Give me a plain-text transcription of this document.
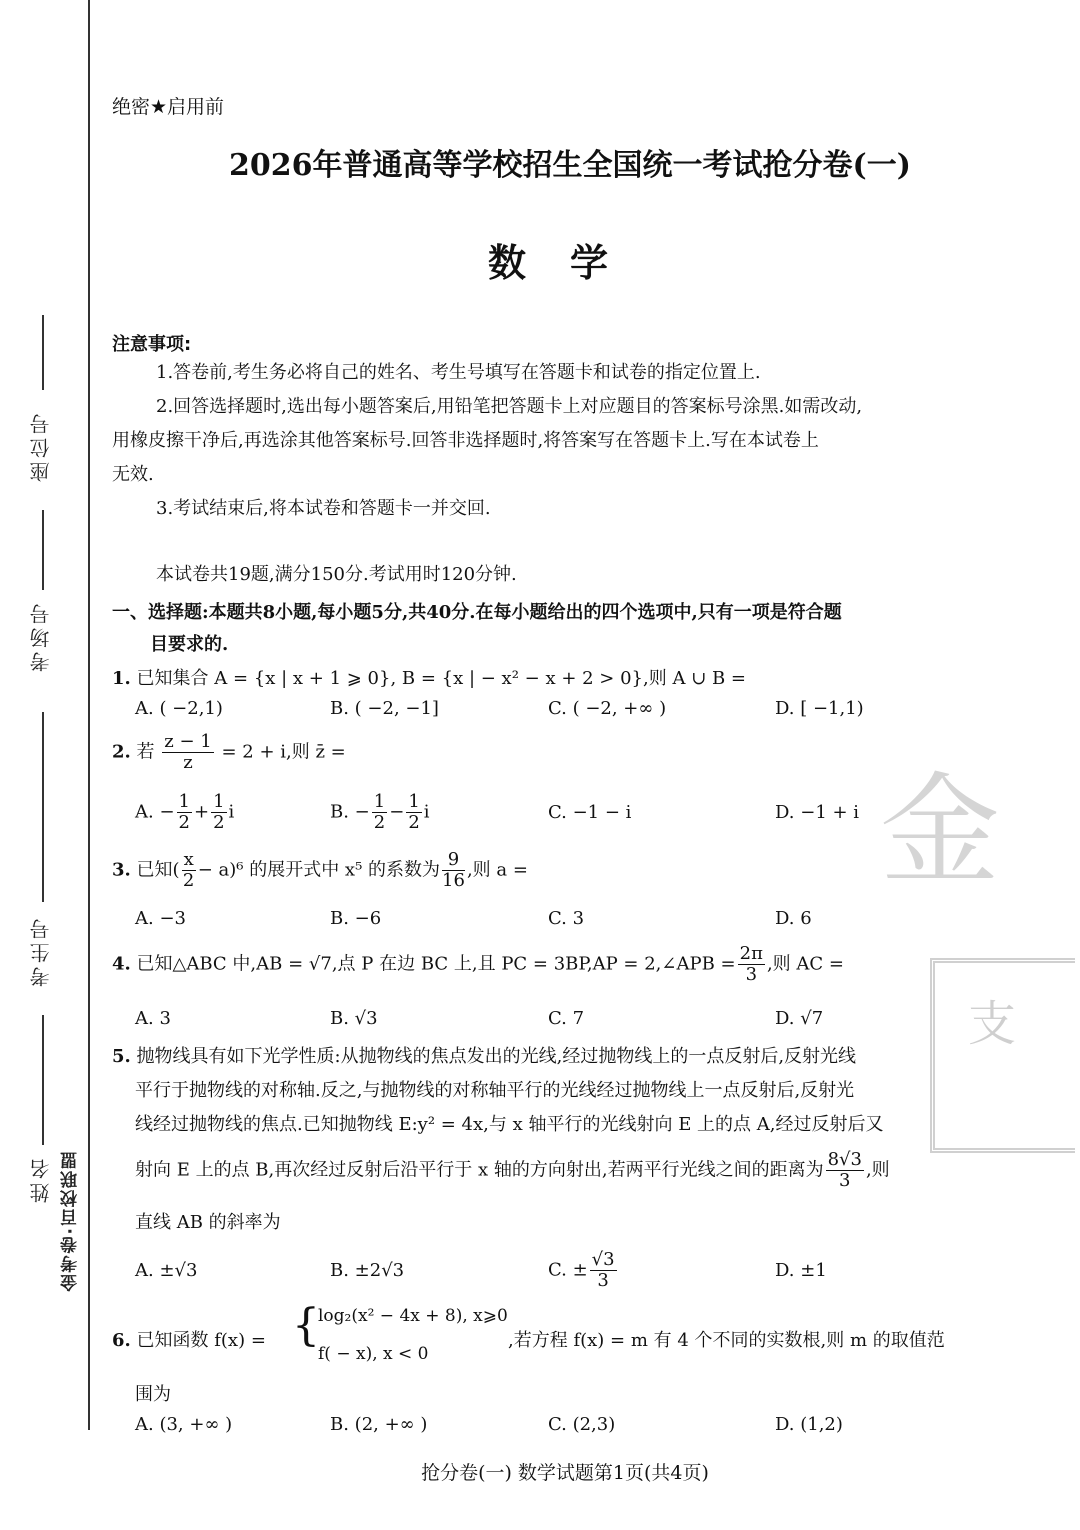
座位号
考场号
考生号
姓名 金考卷·百校联盟
金
支
绝密★启用前
2026年普通高等学校招生全国统一考试抢分卷(一)
数学
注意事项:
1.答卷前,考生务必将自己的姓名、考生号填写在答题卡和试卷的指定位置上.
2.回答选择题时,选出每小题答案后,用铅笔把答题卡上对应题目的答案标号涂黑.如需改动,
用橡皮擦干净后,再选涂其他答案标号.回答非选择题时,将答案写在答题卡上.写在本试卷上
无效.
3.考试结束后,将本试卷和答题卡一并交回.
本试卷共19题,满分150分.考试用时120分钟.
一、选择题:本题共8小题,每小题5分,共40分.在每小题给出的四个选项中,只有一项是符合题
目要求的.
1. 已知集合 A = {x | x + 1 ⩾ 0}, B = {x | − x² − x + 2 > 0},则 A ∪ B =
A. ( −2,1)	B. ( −2, −1]	C. ( −2, +∞ )	D. [ −1,1)
2. 若 $\frac{z - 1}{z} = 2 + i$,则 z̄ =
A. − $\frac{1}{2} + \frac{1}{2}$ i	B. − $\frac{1}{2} - \frac{1}{2}$ i	C. −1 − i	D. −1 + i
3. 已知( $\frac{x}{2} - a)^6$ 的展开式中 x⁵ 的系数为 $\frac{9}{16}$ ,则 a =
A. −3	B. −6	C. 3	D. 6
4. 已知△ABC 中,AB = √7,点 P 在边 BC 上,且 PC = 3BP,AP = 2,∠APB = $\frac{2\pi}{3}$ ,则 AC =
A. 3	B. √3	C. 7	D. √7
5. 抛物线具有如下光学性质:从抛物线的焦点发出的光线,经过抛物线上的一点反射后,反射光线
平行于抛物线的对称轴.反之,与抛物线的对称轴平行的光线经过抛物线上一点反射后,反射光
线经过抛物线的焦点.已知抛物线 E:y² = 4x,与 x 轴平行的光线射向 E 上的点 A,经过反射后又
射向 E 上的点 B,再次经过反射后沿平行于 x 轴的方向射出,若两平行光线之间的距离为 $\frac{8√3}{3}$ ,则
直线 AB 的斜率为
A. ±√3	B. ±2√3	C. ± $\frac{√3}{3}$	D. ±1
6. 已知函数 f(x) = {
log₂(x² − 4x + 8), x⩾0
f( − x), x < 0
,若方程 f(x) = m 有 4 个不同的实数根,则 m 的取值范
围为
A. (3, +∞ )	B. (2, +∞ )	C. (2,3)	D. (1,2)
抢分卷(一) 数学试题第1页(共4页)
